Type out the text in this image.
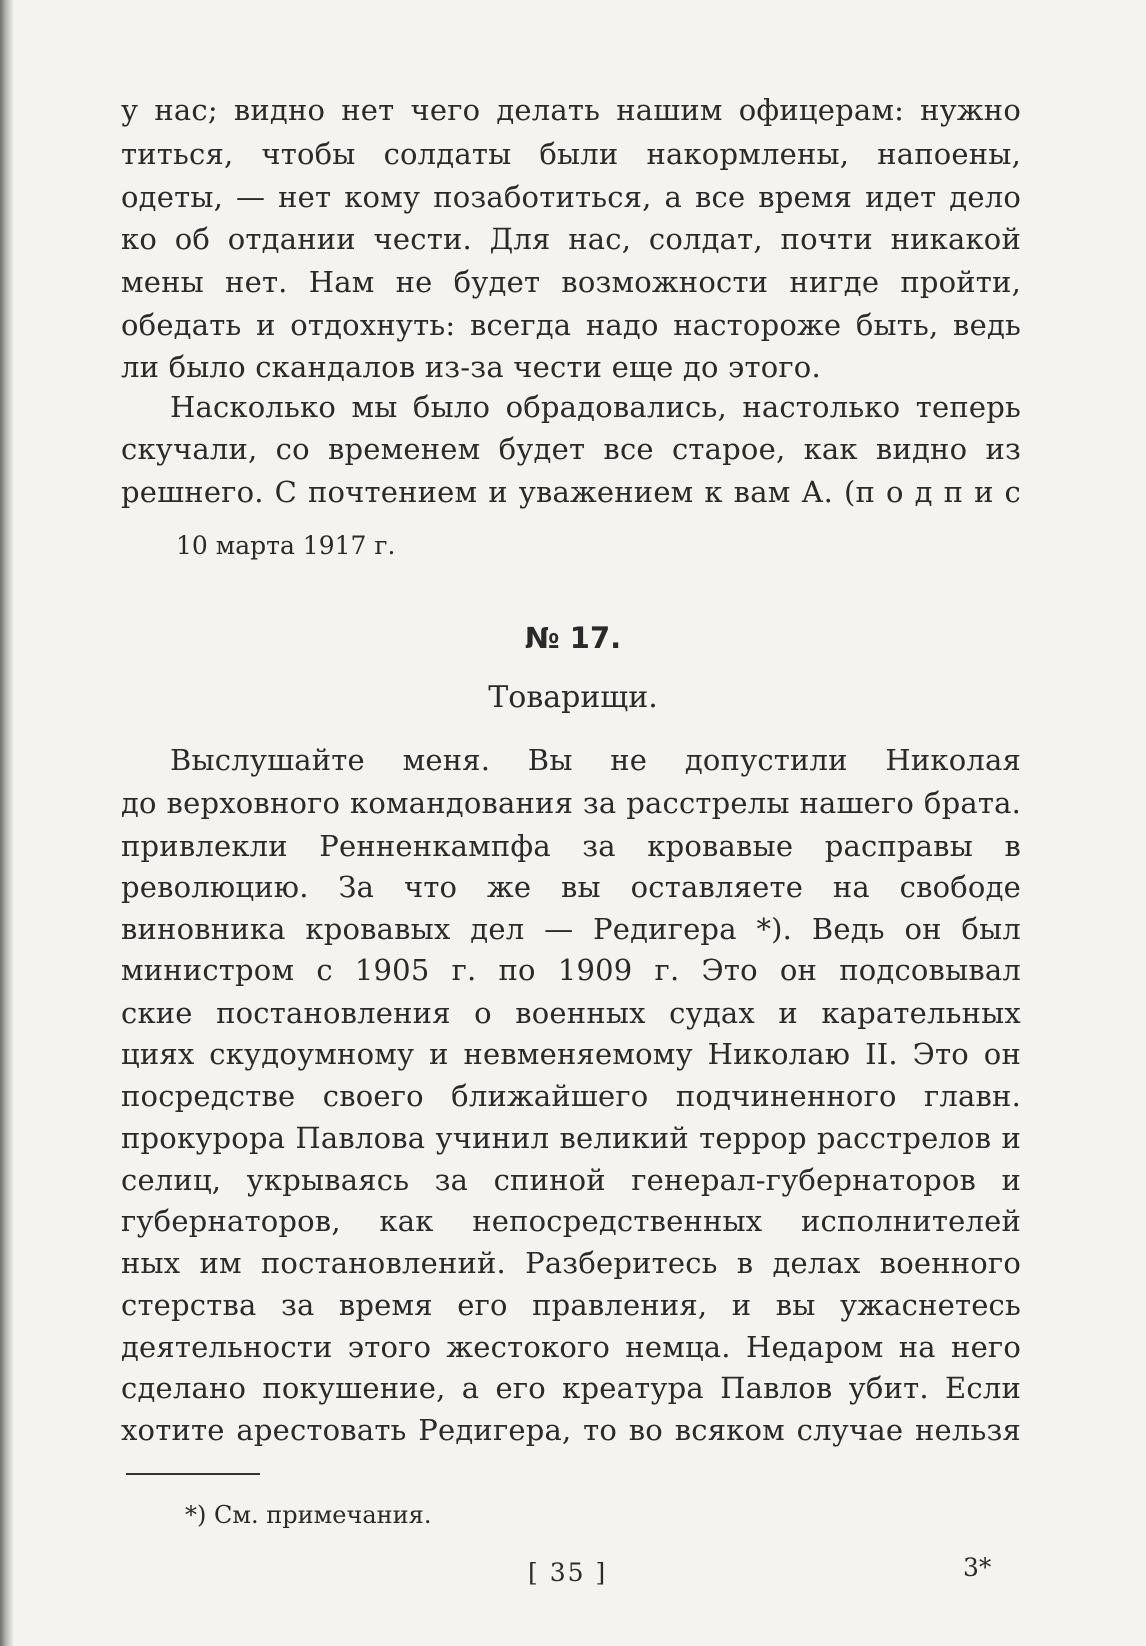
у нас; видно нет чего делать нашим офицерам: нужно
титься, чтобы солдаты были накормлены, напоены,
одеты, — нет кому позаботиться, а все время идет дело
ко об отдании чести. Для нас, солдат, почти никакой
мены нет. Нам не будет возможности нигде пройти,
обедать и отдохнуть: всегда надо настороже быть, ведь
ли было скандалов из-за чести еще до этого.
Насколько мы было обрадовались, настолько теперь
скучали, со временем будет все старое, как видно из
решнего. С почтением и уважением к вам А. (п о д п и с
10 марта 1917 г.
№ 17.
Товарищи.
Выслушайте меня. Вы не допустили Николая
до верховного командования за расстрелы нашего брата.
привлекли Ренненкампфа за кровавые расправы в
революцию. За что же вы оставляете на свободе
виновника кровавых дел — Редигера *). Ведь он был
министром с 1905 г. по 1909 г. Это он подсовывал
ские постановления о военных судах и карательных
циях скудоумному и невменяемому Николаю II. Это он
посредстве своего ближайшего подчиненного главн.
прокурора Павлова учинил великий террор расстрелов и
селиц, укрываясь за спиной генерал-губернаторов и
губернаторов, как непосредственных исполнителей
ных им постановлений. Разберитесь в делах военного
стерства за время его правления, и вы ужаснетесь
деятельности этого жестокого немца. Недаром на него
сделано покушение, а его креатура Павлов убит. Если
хотите арестовать Редигера, то во всяком случае нельзя
*) См. примечания.
[ 35 ]	3*
